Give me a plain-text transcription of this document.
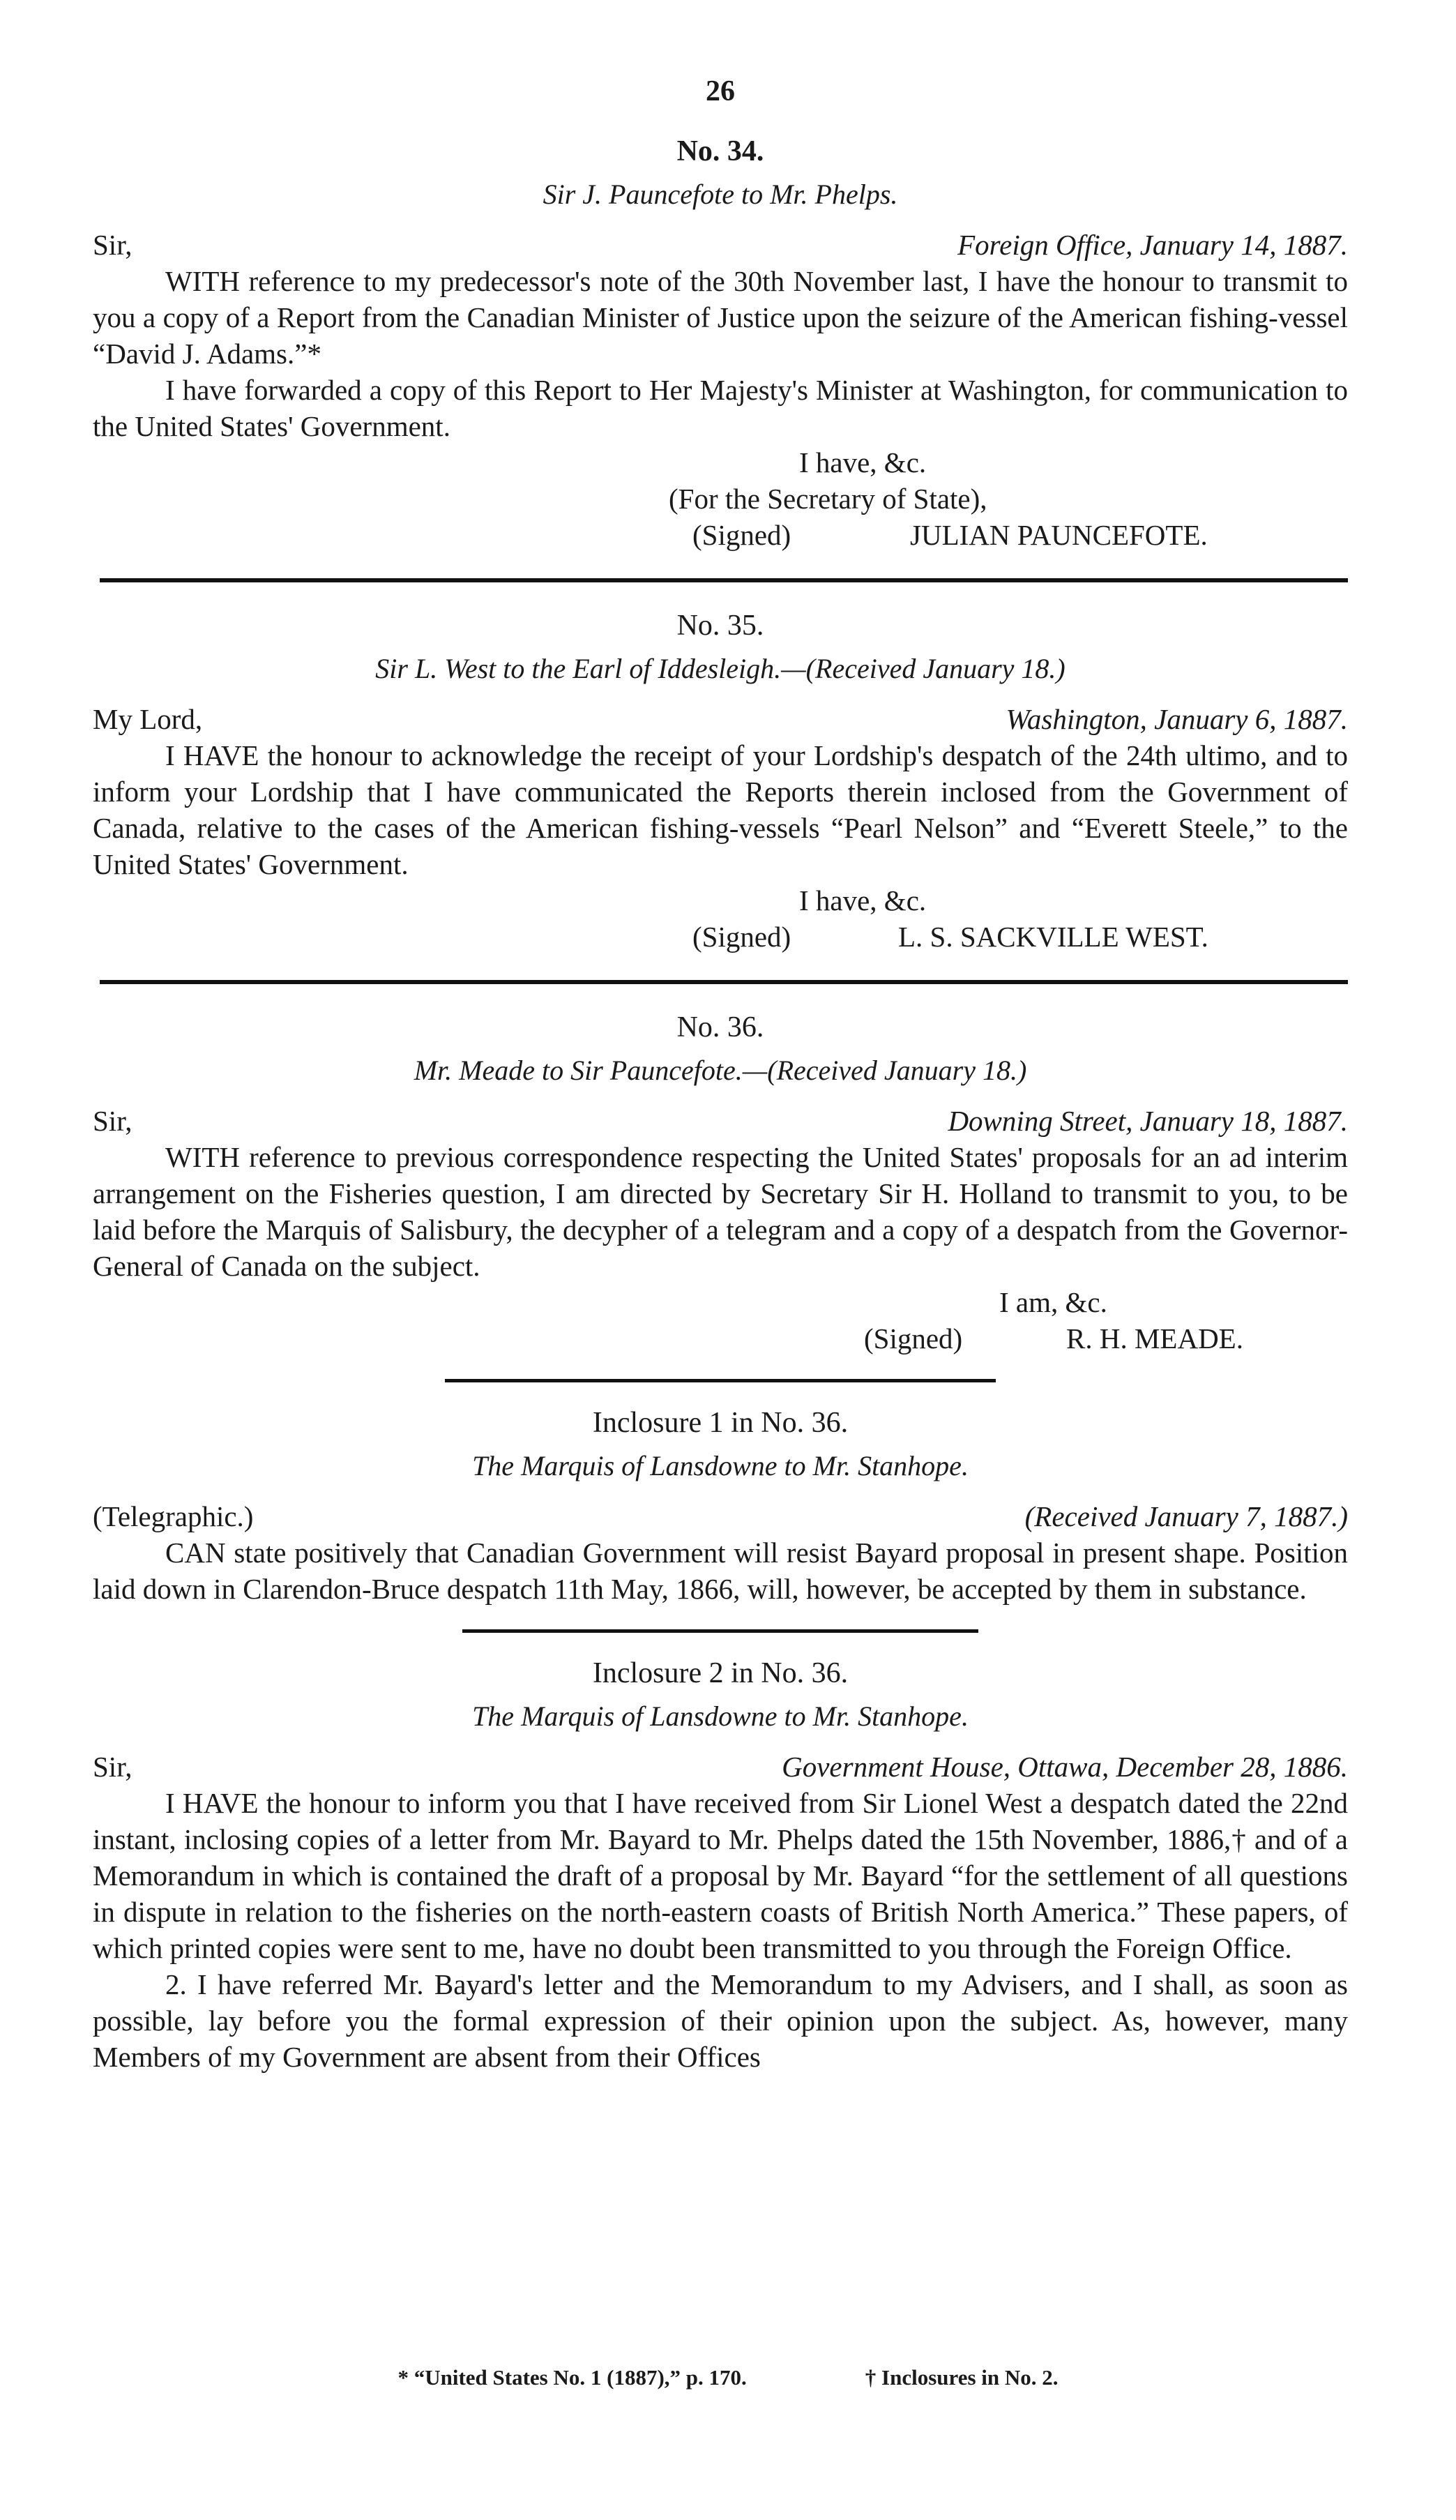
26
No. 34.
Sir J. Pauncefote to Mr. Phelps.
Sir,	Foreign Office, January 14, 1887.

WITH reference to my predecessor's note of the 30th November last, I have the honour to transmit to you a copy of a Report from the Canadian Minister of Justice upon the seizure of the American fishing-vessel “David J. Adams.”*

I have forwarded a copy of this Report to Her Majesty's Minister at Washington, for communication to the United States' Government.

I have, &c.
(For the Secretary of State),
(Signed)	JULIAN PAUNCEFOTE.
No. 35.
Sir L. West to the Earl of Iddesleigh.—(Received January 18.)
My Lord,	Washington, January 6, 1887.

I HAVE the honour to acknowledge the receipt of your Lordship's despatch of the 24th ultimo, and to inform your Lordship that I have communicated the Reports therein inclosed from the Government of Canada, relative to the cases of the American fishing-vessels “Pearl Nelson” and “Everett Steele,” to the United States' Government.

I have, &c.
(Signed)	L. S. SACKVILLE WEST.
No. 36.
Mr. Meade to Sir Pauncefote.—(Received January 18.)
Sir,	Downing Street, January 18, 1887.

WITH reference to previous correspondence respecting the United States' proposals for an ad interim arrangement on the Fisheries question, I am directed by Secretary Sir H. Holland to transmit to you, to be laid before the Marquis of Salisbury, the decypher of a telegram and a copy of a despatch from the Governor-General of Canada on the subject.

I am, &c.
(Signed)	R. H. MEADE.
Inclosure 1 in No. 36.
The Marquis of Lansdowne to Mr. Stanhope.
(Telegraphic.)	(Received January 7, 1887.)

CAN state positively that Canadian Government will resist Bayard proposal in present shape. Position laid down in Clarendon-Bruce despatch 11th May, 1866, will, however, be accepted by them in substance.

Inclosure 2 in No. 36.
The Marquis of Lansdowne to Mr. Stanhope.
Sir,	Government House, Ottawa, December 28, 1886.

I HAVE the honour to inform you that I have received from Sir Lionel West a despatch dated the 22nd instant, inclosing copies of a letter from Mr. Bayard to Mr. Phelps dated the 15th November, 1886,† and of a Memorandum in which is contained the draft of a proposal by Mr. Bayard “for the settlement of all questions in dispute in relation to the fisheries on the north-eastern coasts of British North America.” These papers, of which printed copies were sent to me, have no doubt been transmitted to you through the Foreign Office.

2. I have referred Mr. Bayard's letter and the Memorandum to my Advisers, and I shall, as soon as possible, lay before you the formal expression of their opinion upon the subject. As, however, many Members of my Government are absent from their Offices

* “United States No. 1 (1887),” p. 170.	† Inclosures in No. 2.
